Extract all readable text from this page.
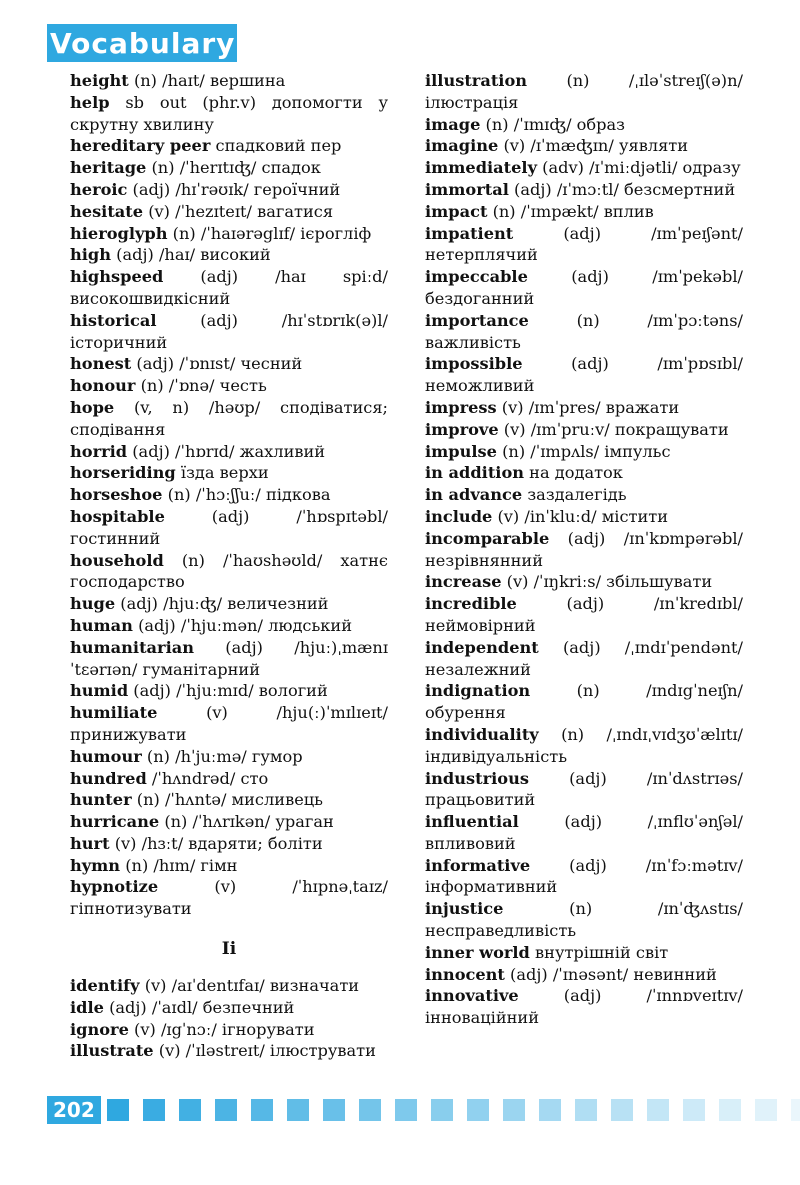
Vocabulary
height (n) /haɪt/ вершина
help sb out (phr.v) допомогти у скрутну хвилину
hereditary peer спадковий пер
heritage (n) /ˈherɪtɪʤ/ спадок
heroic (adj) /hɪˈrəʊɪk/ героїчний
hesitate (v) /ˈhezɪteɪt/ вагатися
hieroglyph (n) /ˈhaɪərəglɪf/ ієрогліф
high (adj) /haɪ/ високий
highspeed (adj) /haɪ spiːd/ високошвидкісний
historical (adj) /hɪˈstɒrɪk(ə)l/ історичний
honest (adj) /ˈɒnɪst/ чесний
honour (n) /ˈɒnə/ честь
hope (v, n) /həʊp/ сподіватися; сподівання
horrid (adj) /ˈhɒrɪd/ жахливий
horseriding їзда верхи
horseshoe (n) /ˈhɔːʃʃuː/ підкова
hospitable (adj) /ˈhɒspɪtəbl/ гостинний
household (n) /ˈhaʊshəʊld/ хатнє господарство
huge (adj) /hjuːʤ/ величезний
human (adj) /ˈhjuːmən/ людський
humanitarian (adj) /hjuː)ˌmænɪˈtɛərɪən/ гуманітарний
humid (adj) /ˈhjuːmɪd/ вологий
humiliate (v) /hju(ː)ˈmɪlɪeɪt/ принижувати
humour (n) /hˈjuːmə/ гумор
hundred /ˈhʌndrəd/ сто
hunter (n) /ˈhʌntə/ мисливець
hurricane (n) /ˈhʌrɪkən/ ураган
hurt (v) /hɜːt/ вдаряти; боліти
hymn (n) /hɪm/ гімн
hypnotize (v) /ˈhɪpnəˌtaɪz/ гіпнотизувати
Ii
identify (v) /aɪˈdentɪfaɪ/ визначати
idle (adj) /ˈaɪdl/ безпечний
ignore (v) /ɪgˈnɔː/ ігнорувати
illustrate (v) /ˈɪləstreɪt/ ілюструвати
illustration (n) /ˌɪləˈstreɪʃ(ə)n/ ілюстрація
image (n) /ˈɪmɪʤ/ образ
imagine (v) /ɪˈmæʤɪn/ уявляти
immediately (adv) /ɪˈmiːdjətli/ одразу
immortal (adj) /ɪˈmɔːtl/ безсмертний
impact (n) /ˈɪmpækt/ вплив
impatient (adj) /ɪmˈpeɪʃənt/ нетерплячий
impeccable (adj) /ɪmˈpekəbl/ бездоганний
importance (n) /ɪmˈpɔːtəns/ важливість
impossible (adj) /ɪmˈpɒsɪbl/ неможливий
impress (v) /ɪmˈpres/ вражати
improve (v) /ɪmˈpruːv/ покращувати
impulse (n) /ˈɪmpʌls/ імпульс
in addition на додаток
in advance заздалегідь
include (v) /inˈkluːd/ містити
incomparable (adj) /ɪnˈkɒmpərəbl/ незрівнянний
increase (v) /ˈɪŋkriːs/ збільшувати
incredible (adj) /ɪnˈkredɪbl/ неймовірний
independent (adj) /ˌɪndɪˈpendənt/ незалежний
indignation (n) /ɪndɪgˈneɪʃn/ обурення
individuality (n) /ˌɪndɪˌvɪdʒʊˈælɪtɪ/ індивідуальність
industrious (adj) /ɪnˈdʌstrɪəs/ працьовитий
influential (adj) /ˌɪnflʊˈənʃəl/ впливовий
informative (adj) /ɪnˈfɔːmətɪv/ інформативний
injustice (n) /ɪnˈʤʌstɪs/ несправедливість
inner world внутрішній світ
innocent (adj) /ˈɪnəsənt/ невинний
innovative (adj) /ˈɪnnɒveɪtɪv/ інноваційний
202
